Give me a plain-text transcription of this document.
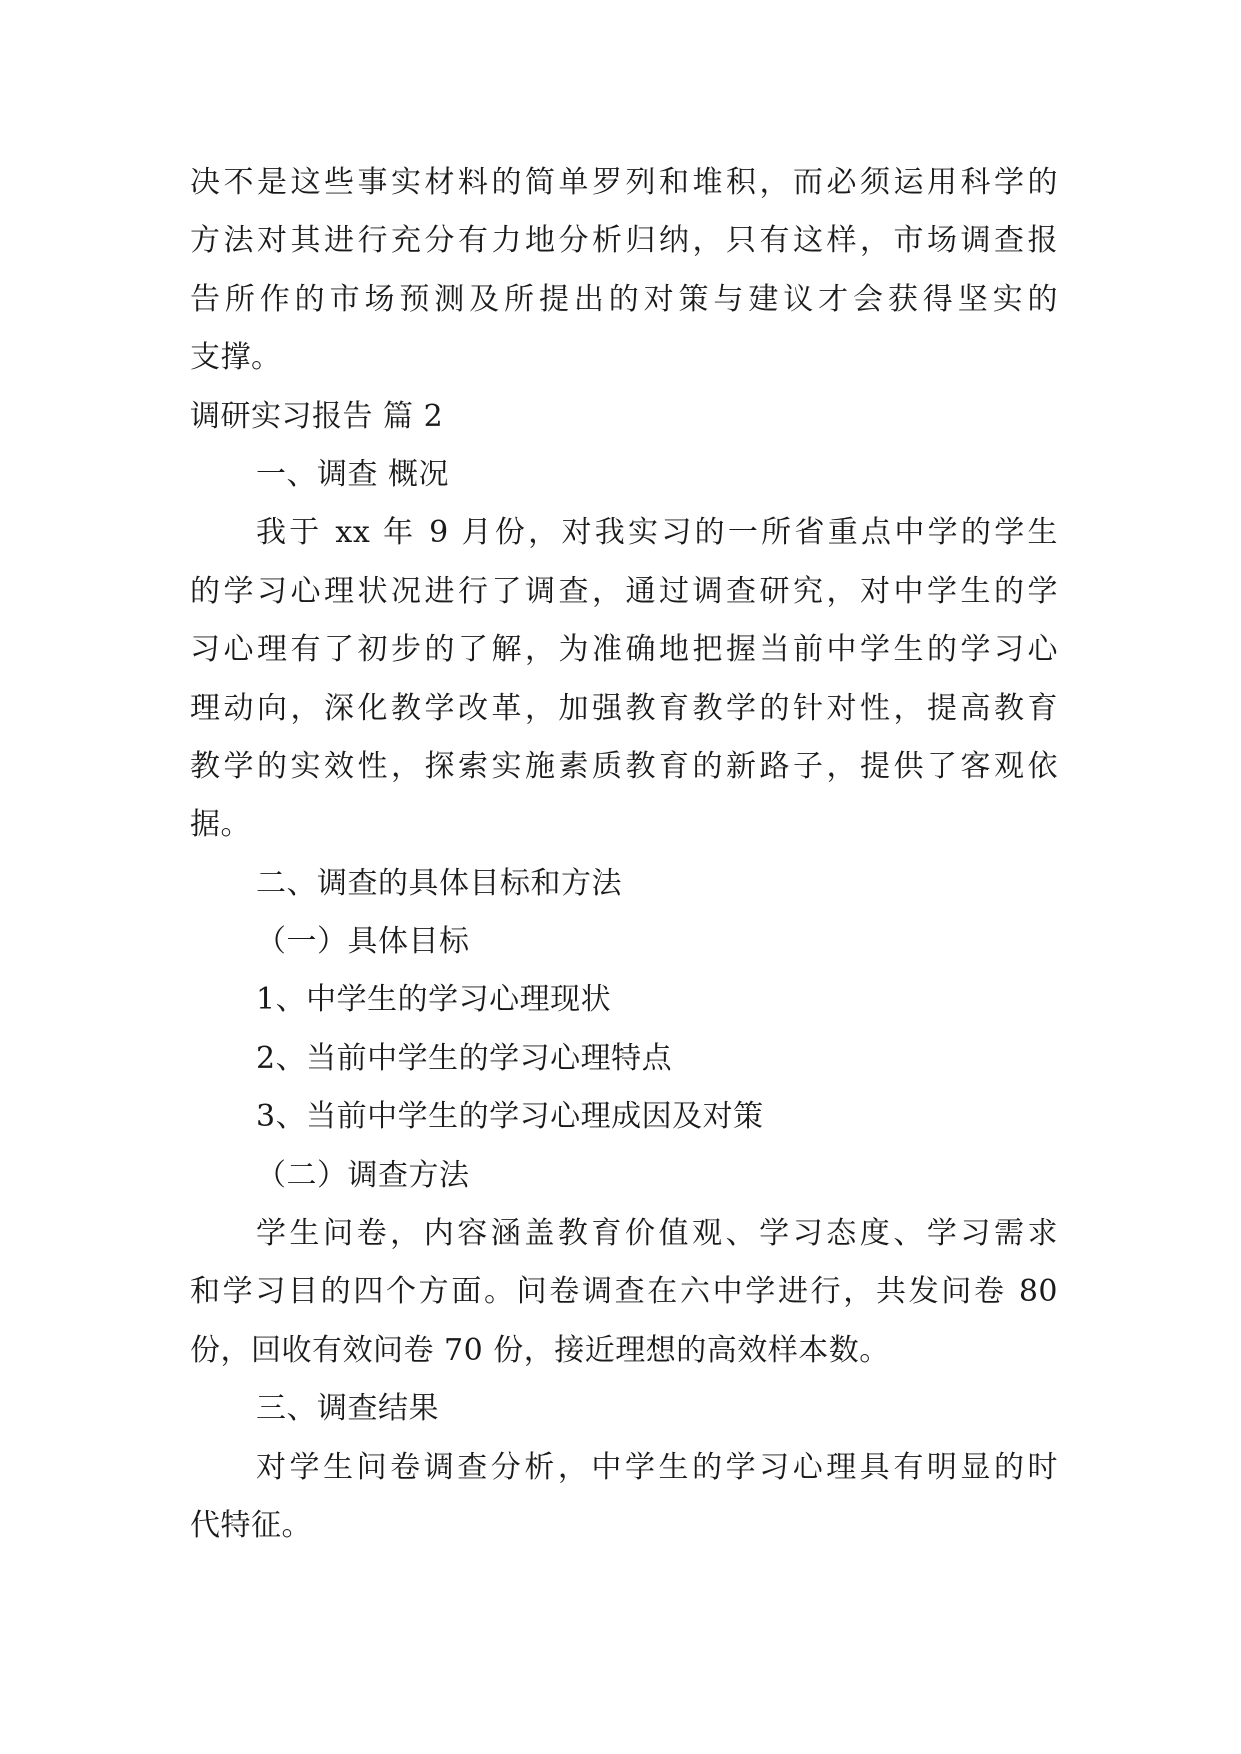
决不是这些事实材料的简单罗列和堆积，而必须运用科学的
方法对其进行充分有力地分析归纳，只有这样，市场调查报
告所作的市场预测及所提出的对策与建议才会获得坚实的
支撑。
调研实习报告 篇 2
一、调查 概况
我于 xx 年 9 月份，对我实习的一所省重点中学的学生
的学习心理状况进行了调查，通过调查研究，对中学生的学
习心理有了初步的了解，为准确地把握当前中学生的学习心
理动向，深化教学改革，加强教育教学的针对性，提高教育
教学的实效性，探索实施素质教育的新路子，提供了客观依
据。
二、调查的具体目标和方法
（一）具体目标
1、中学生的学习心理现状
2、当前中学生的学习心理特点
3、当前中学生的学习心理成因及对策
（二）调查方法
学生问卷，内容涵盖教育价值观、学习态度、学习需求
和学习目的四个方面。问卷调查在六中学进行，共发问卷 80
份，回收有效问卷 70 份，接近理想的高效样本数。
三、调查结果
对学生问卷调查分析，中学生的学习心理具有明显的时
代特征。
